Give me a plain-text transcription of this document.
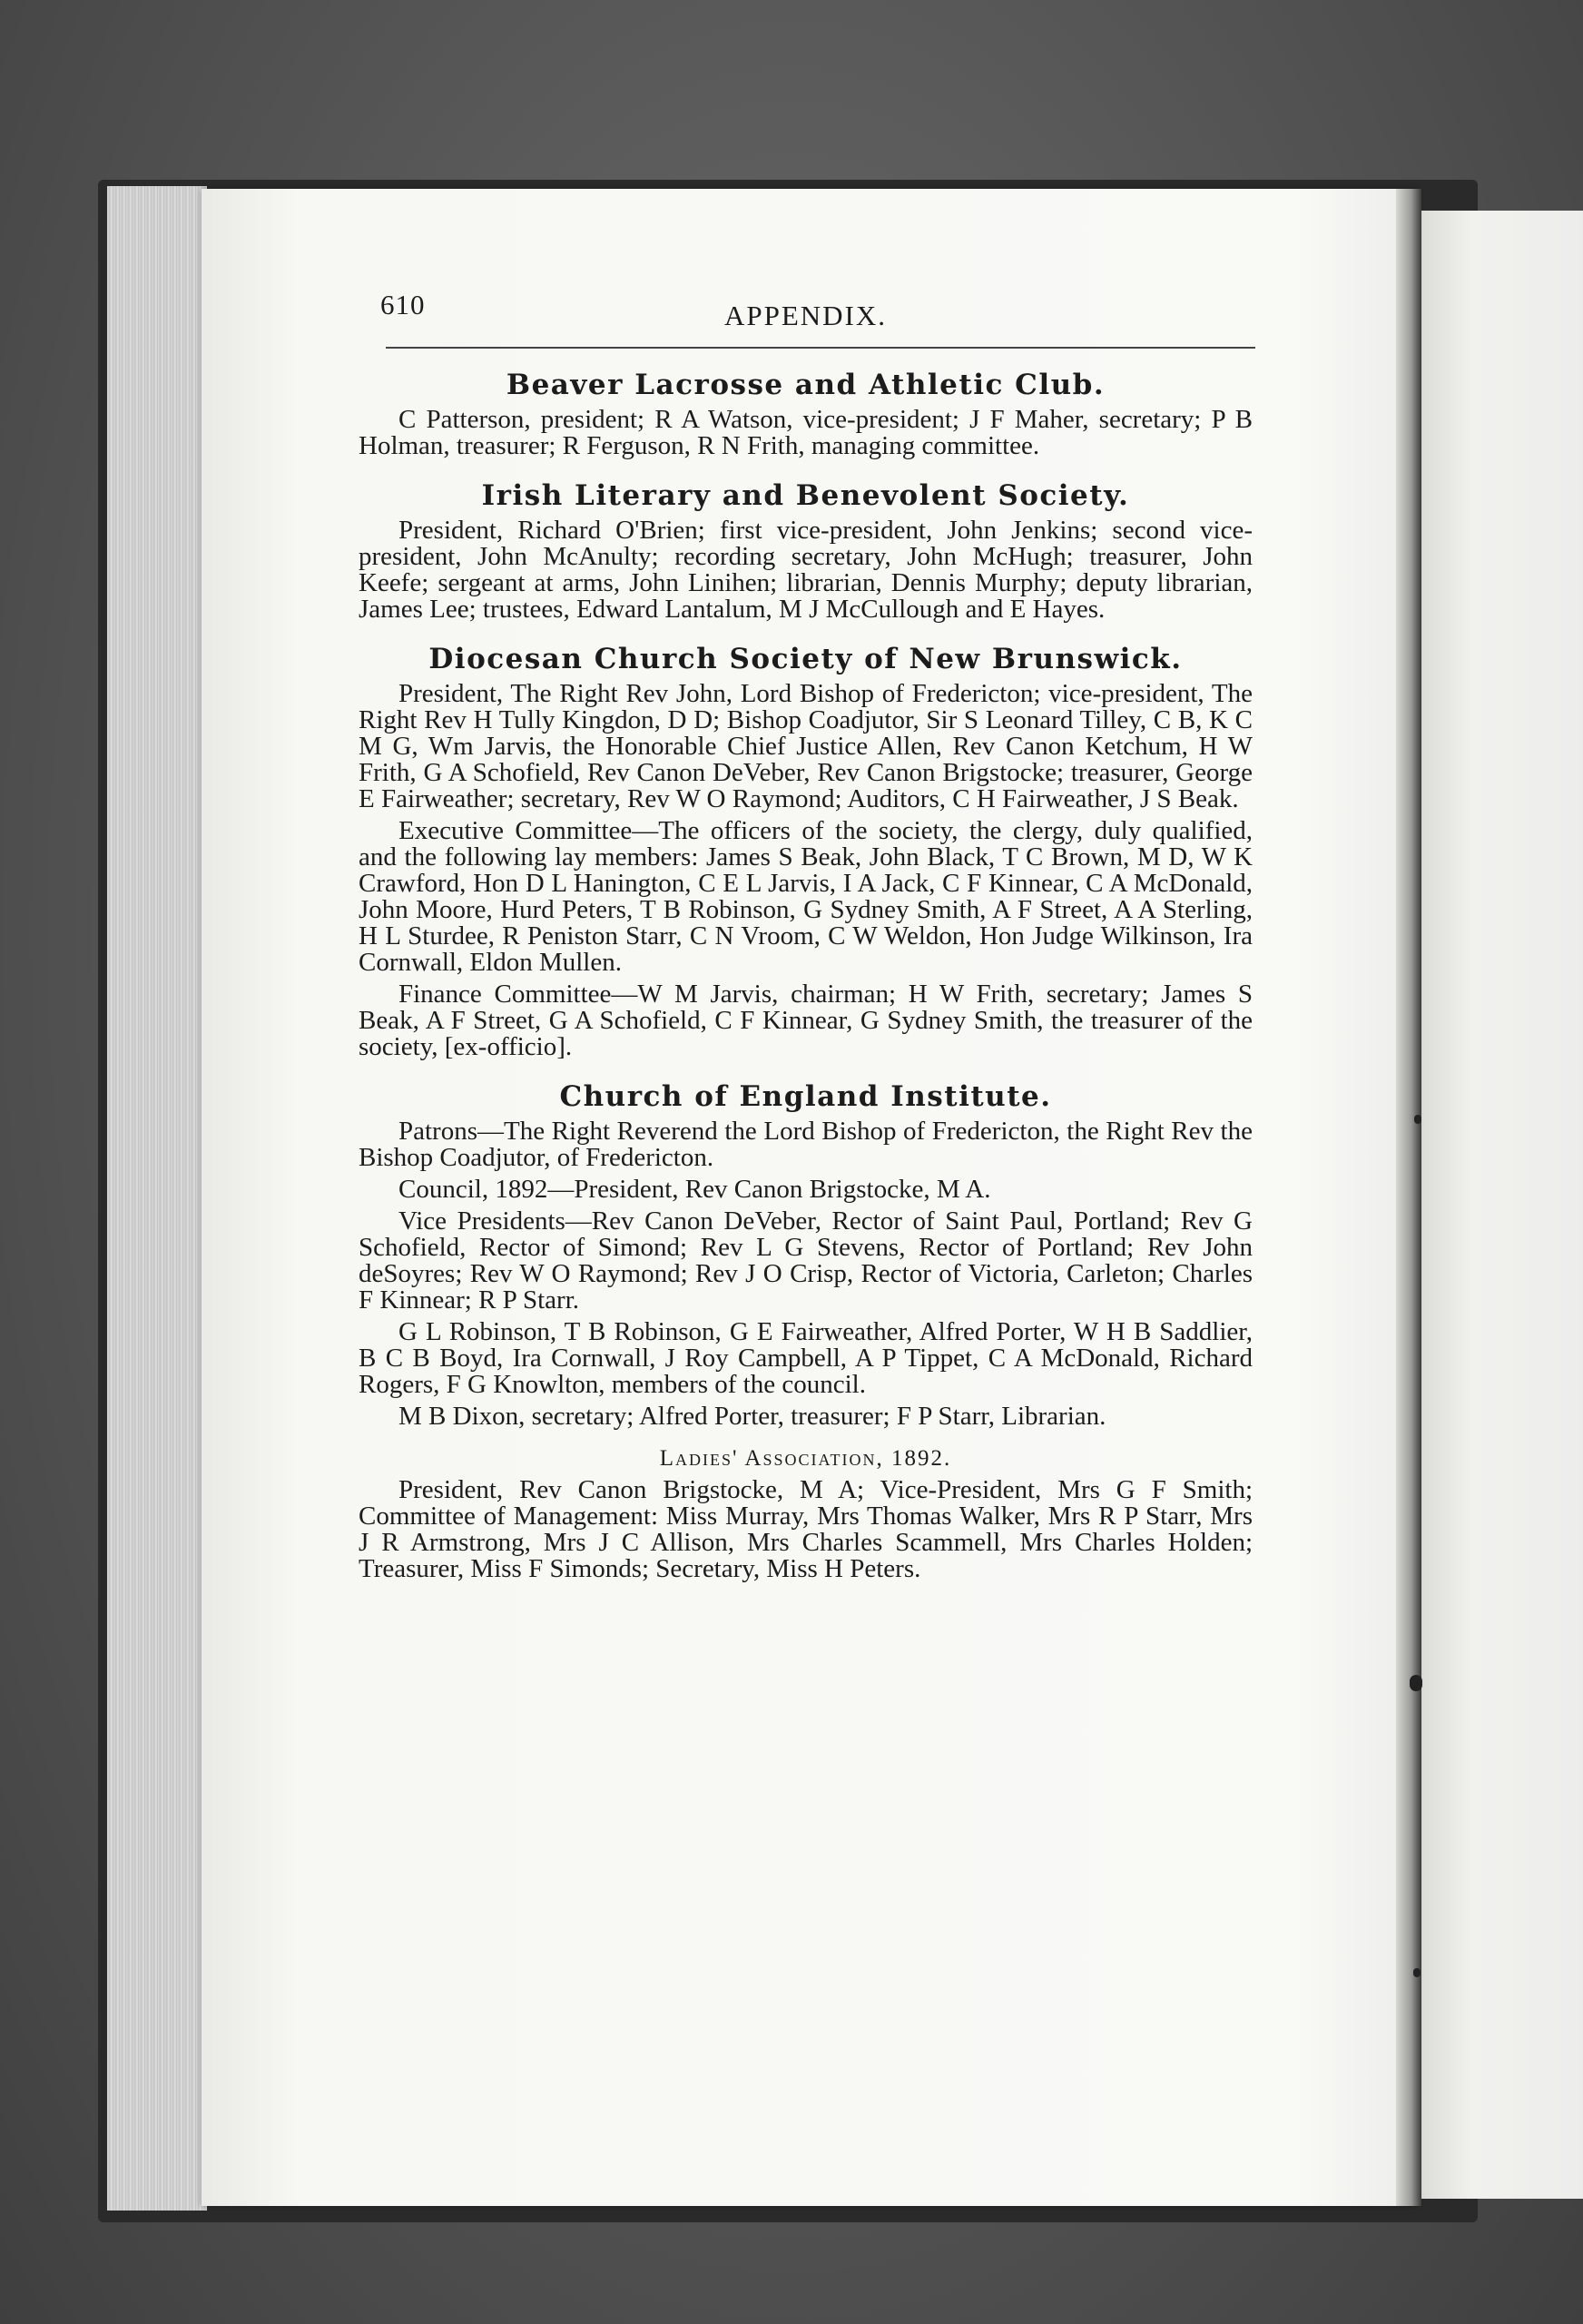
610	APPENDIX.
Beaver Lacrosse and Athletic Club.

C Patterson, president; R A Watson, vice-president; J F Maher, secretary; P B Holman, treasurer; R Ferguson, R N Frith, managing committee.

Irish Literary and Benevolent Society.

President, Richard O'Brien; first vice-president, John Jenkins; second vice-president, John McAnulty; recording secretary, John McHugh; treasurer, John Keefe; sergeant at arms, John Linihen; librarian, Dennis Murphy; deputy librarian, James Lee; trustees, Edward Lantalum, M J McCullough and E Hayes.

Diocesan Church Society of New Brunswick.

President, The Right Rev John, Lord Bishop of Fredericton; vice-president, The Right Rev H Tully Kingdon, D D; Bishop Coadjutor, Sir S Leonard Tilley, C B, K C M G, Wm Jarvis, the Honorable Chief Justice Allen, Rev Canon Ketchum, H W Frith, G A Schofield, Rev Canon DeVeber, Rev Canon Brigstocke; treasurer, George E Fairweather; secretary, Rev W O Raymond; Auditors, C H Fairweather, J S Beak.

Executive Committee—The officers of the society, the clergy, duly qualified, and the following lay members: James S Beak, John Black, T C Brown, M D, W K Crawford, Hon D L Hanington, C E L Jarvis, I A Jack, C F Kinnear, C A McDonald, John Moore, Hurd Peters, T B Robinson, G Sydney Smith, A F Street, A A Sterling, H L Sturdee, R Peniston Starr, C N Vroom, C W Weldon, Hon Judge Wilkinson, Ira Cornwall, Eldon Mullen.

Finance Committee—W M Jarvis, chairman; H W Frith, secretary; James S Beak, A F Street, G A Schofield, C F Kinnear, G Sydney Smith, the treasurer of the society, [ex-officio].

Church of England Institute.

Patrons—The Right Reverend the Lord Bishop of Fredericton, the Right Rev the Bishop Coadjutor, of Fredericton.

Council, 1892—President, Rev Canon Brigstocke, M A.

Vice Presidents—Rev Canon DeVeber, Rector of Saint Paul, Portland; Rev G Schofield, Rector of Simond; Rev L G Stevens, Rector of Portland; Rev John deSoyres; Rev W O Raymond; Rev J O Crisp, Rector of Victoria, Carleton; Charles F Kinnear; R P Starr.

G L Robinson, T B Robinson, G E Fairweather, Alfred Porter, W H B Saddlier, B C B Boyd, Ira Cornwall, J Roy Campbell, A P Tippet, C A McDonald, Richard Rogers, F G Knowlton, members of the council.

M B Dixon, secretary; Alfred Porter, treasurer; F P Starr, Librarian.

Ladies' Association, 1892.

President, Rev Canon Brigstocke, M A; Vice-President, Mrs G F Smith; Committee of Management: Miss Murray, Mrs Thomas Walker, Mrs R P Starr, Mrs J R Armstrong, Mrs J C Allison, Mrs Charles Scammell, Mrs Charles Holden; Treasurer, Miss F Simonds; Secretary, Miss H Peters.
